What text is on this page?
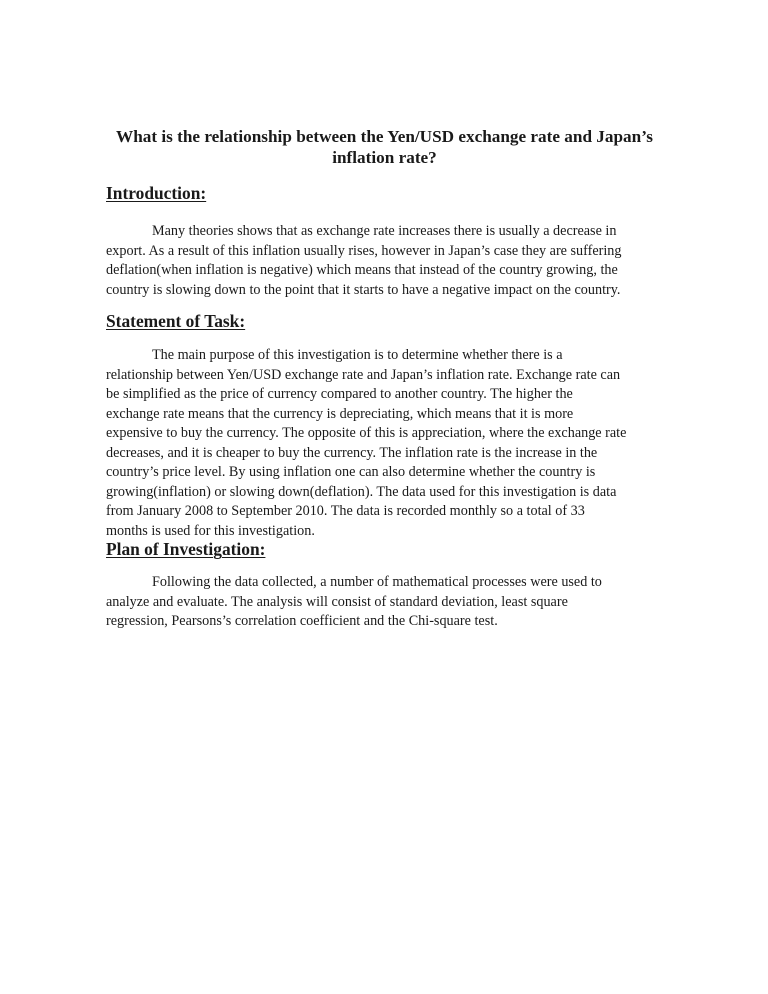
What is the relationship between the Yen/USD exchange rate and Japan’s inflation rate?
Introduction:

Many theories shows that as exchange rate increases there is usually a decrease in
export. As a result of this inflation usually rises, however in Japan’s case they are suffering
deflation(when inflation is negative) which means that instead of the country growing, the
country is slowing down to the point that it starts to have a negative impact on the country.

Statement of Task:

The main purpose of this investigation is to determine whether there is a
relationship between Yen/USD exchange rate and Japan’s inflation rate. Exchange rate can
be simplified as the price of currency compared to another country. The higher the
exchange rate means that the currency is depreciating, which means that it is more
expensive to buy the currency. The opposite of this is appreciation, where the exchange rate
decreases, and it is cheaper to buy the currency. The inflation rate is the increase in the
country’s price level. By using inflation one can also determine whether the country is
growing(inflation) or slowing down(deflation). The data used for this investigation is data
from January 2008 to September 2010. The data is recorded monthly so a total of 33
months is used for this investigation.

Plan of Investigation:

Following the data collected, a number of mathematical processes were used to
analyze and evaluate. The analysis will consist of standard deviation, least square
regression, Pearsons’s correlation coefficient and the Chi-square test.
